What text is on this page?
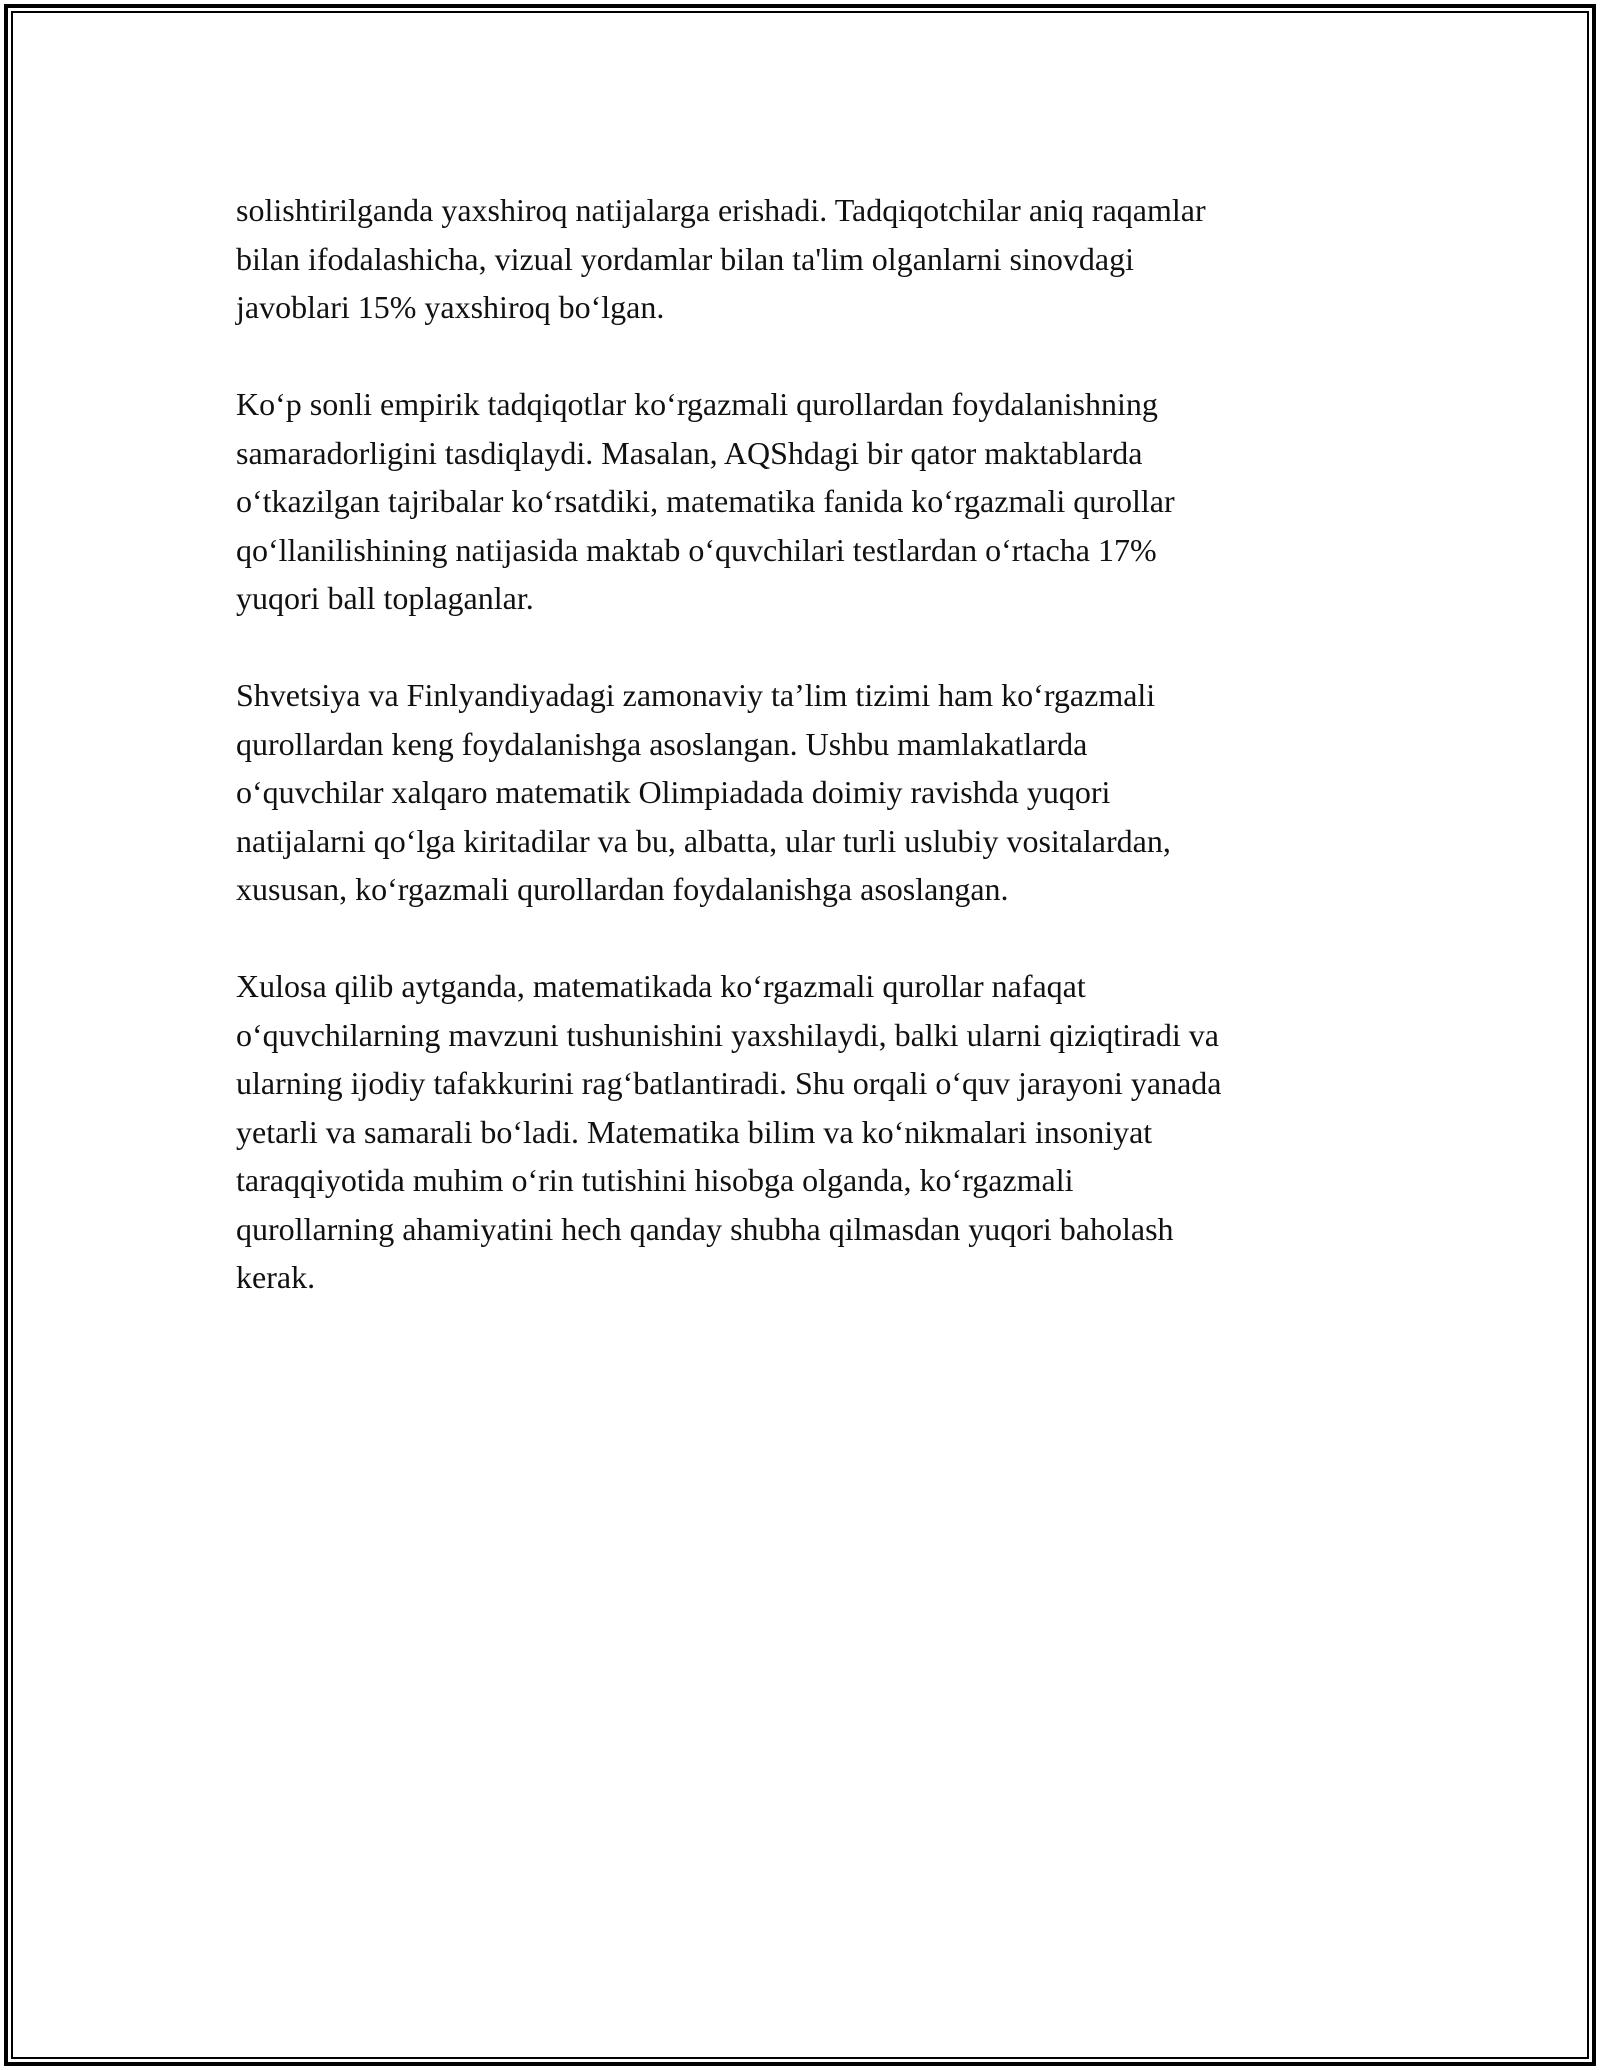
solishtirilganda yaxshiroq natijalarga erishadi. Tadqiqotchilar aniq raqamlar
bilan ifodalashicha, vizual yordamlar bilan ta'lim olganlarni sinovdagi
javoblari 15% yaxshiroq bo‘lgan.

Ko‘p sonli empirik tadqiqotlar ko‘rgazmali qurollardan foydalanishning
samaradorligini tasdiqlaydi. Masalan, AQShdagi bir qator maktablarda
o‘tkazilgan tajribalar ko‘rsatdiki, matematika fanida ko‘rgazmali qurollar
qo‘llanilishining natijasida maktab o‘quvchilari testlardan o‘rtacha 17%
yuqori ball toplaganlar.

Shvetsiya va Finlyandiyadagi zamonaviy ta’lim tizimi ham ko‘rgazmali
qurollardan keng foydalanishga asoslangan. Ushbu mamlakatlarda
o‘quvchilar xalqaro matematik Olimpiadada doimiy ravishda yuqori
natijalarni qo‘lga kiritadilar va bu, albatta, ular turli uslubiy vositalardan,
xususan, ko‘rgazmali qurollardan foydalanishga asoslangan.

Xulosa qilib aytganda, matematikada ko‘rgazmali qurollar nafaqat
o‘quvchilarning mavzuni tushunishini yaxshilaydi, balki ularni qiziqtiradi va
ularning ijodiy tafakkurini rag‘batlantiradi. Shu orqali o‘quv jarayoni yanada
yetarli va samarali bo‘ladi. Matematika bilim va ko‘nikmalari insoniyat
taraqqiyotida muhim o‘rin tutishini hisobga olganda, ko‘rgazmali
qurollarning ahamiyatini hech qanday shubha qilmasdan yuqori baholash
kerak.
